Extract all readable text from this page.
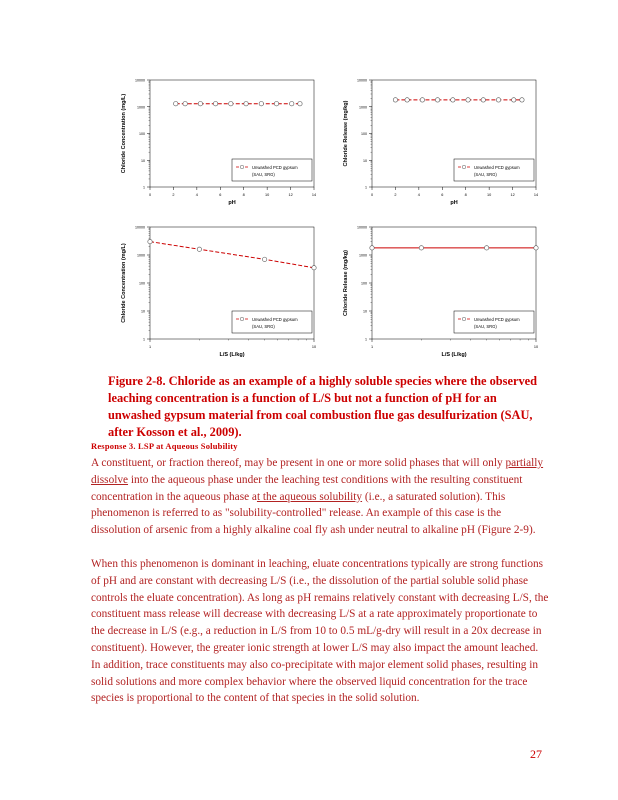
1
10
100
1000
10000
0	2	4	6	8	10	12	14
pH
Chloride Concentration (mg/L)	Unwashed PCD gypsum
(SAU, SRG)
1
10
100
1000
10000
0	2	4	6	8	10	12	14
pH
Chloride Release (mg/kg)
Unwashed PCD gypsum
(SAU, SRG)
1
10
100
1000
10000
1	10
L/S (L/kg)
Chloride Concentration (mg/L)	Unwashed PCD gypsum
(SAU, SRG)
1
10
100
1000
10000
1	10
L/S (L/kg)
Chloride Release (mg/kg)
Unwashed PCD gypsum
(SAU, SRG)
Figure 2-8. Chloride as an example of a highly soluble species where the observed leaching concentration is a function of L/S but not a function of pH for an unwashed gypsum material from coal combustion flue gas desulfurization (SAU, after Kosson et al., 2009).
Response 3. LSP at Aqueous Solubility
A constituent, or fraction thereof, may be present in one or more solid phases that will only partially dissolve into the aqueous phase under the leaching test conditions with the resulting constituent concentration in the aqueous phase at the aqueous solubility (i.e., a saturated solution). This phenomenon is referred to as "solubility-controlled" release. An example of this case is the dissolution of arsenic from a highly alkaline coal fly ash under neutral to alkaline pH (Figure 2-9).
When this phenomenon is dominant in leaching, eluate concentrations typically are strong functions of pH and are constant with decreasing L/S (i.e., the dissolution of the partial soluble solid phase controls the eluate concentration). As long as pH remains relatively constant with decreasing L/S, the constituent mass release will decrease with decreasing L/S at a rate approximately proportionate to the decrease in L/S (e.g., a reduction in L/S from 10 to 0.5 mL/g-dry will result in a 20x decrease in constituent). However, the greater ionic strength at lower L/S may also impact the amount leached. In addition, trace constituents may also co-precipitate with major element solid phases, resulting in solid solutions and more complex behavior where the observed liquid concentration for the trace species is proportional to the content of that species in the solid solution.
27
